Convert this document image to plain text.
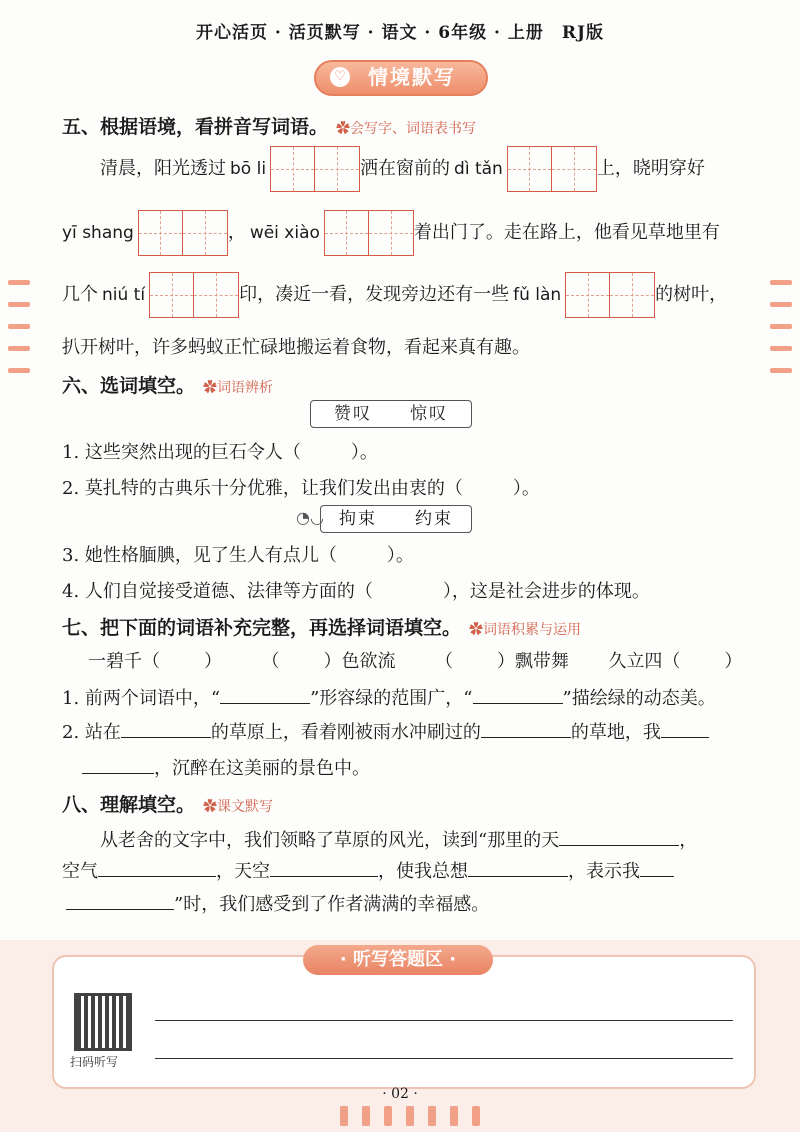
开心活页 · 活页默写 · 语文 · 6年级 · 上册　RJ版
♡ 情境默写
五、根据语境，看拼音写词语。 ✿会写字、词语表书写
清晨，阳光透过 bō li	洒在窗前的 dì tǎn	上，晓明穿好
yī shang	， wēi xiào	着出门了。走在路上，他看见草地里有
几个 niú tí	印，凑近一看，发现旁边还有一些 fǔ làn	的树叶，
扒开树叶，许多蚂蚁正忙碌地搬运着食物，看起来真有趣。
六、选词填空。 ✿词语辨析
赞叹　　惊叹
1. 这些突然出现的巨石令人（	）。
2. 莫扎特的古典乐十分优雅，让我们发出由衷的（	）。
拘束　　约束
◔◡
3. 她性格腼腆，见了生人有点儿（	）。
4. 人们自觉接受道德、法律等方面的（	），这是社会进步的体现。
七、把下面的词语补充完整，再选择词语填空。 ✿词语积累与运用
一碧千（ ） （ ）色欲流 （ ）飘带舞 久立四（ ）
1. 前两个词语中，“	”形容绿的范围广，“	”描绘绿的动态美。
2. 站在	的草原上，看着刚被雨水冲刷过的	的草地，我
，沉醉在这美丽的景色中。
八、理解填空。 ✿课文默写
从老舍的文字中，我们领略了草原的风光，读到“那里的天	，
空气	，天空	，使我总想	，表示我
”时，我们感受到了作者满满的幸福感。
· 听写答题区 ·
扫码听写
· 02 ·
